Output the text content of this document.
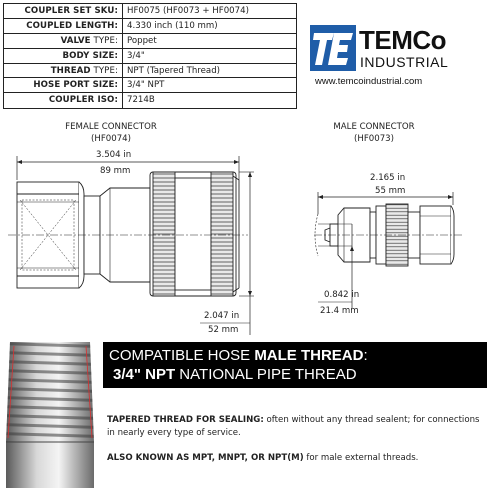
COUPLER SET SKU:	HF0075 (HF0073 + HF0074)
COUPLED LENGTH:	4.330 inch (110 mm)
VALVE TYPE:	Poppet
BODY SIZE:	3/4"
THREAD TYPE:	NPT (Tapered Thread)
HOSE PORT SIZE:	3/4" NPT
COUPLER ISO:	7214B
TEMCo
INDUSTRIAL
www.temcoindustrial.com
FEMALE CONNECTOR
(HF0074)
MALE CONNECTOR
(HF0073)
3.504 in
89 mm
2.047 in
52 mm
2.165 in
55 mm
0.842 in
21.4 mm
COMPATIBLE HOSE MALE THREAD:
3/4" NPT NATIONAL PIPE THREAD
TAPERED THREAD FOR SEALING: often without any thread sealent; for connections in nearly every type of service.
ALSO KNOWN AS MPT, MNPT, OR NPT(M) for male external threads.
